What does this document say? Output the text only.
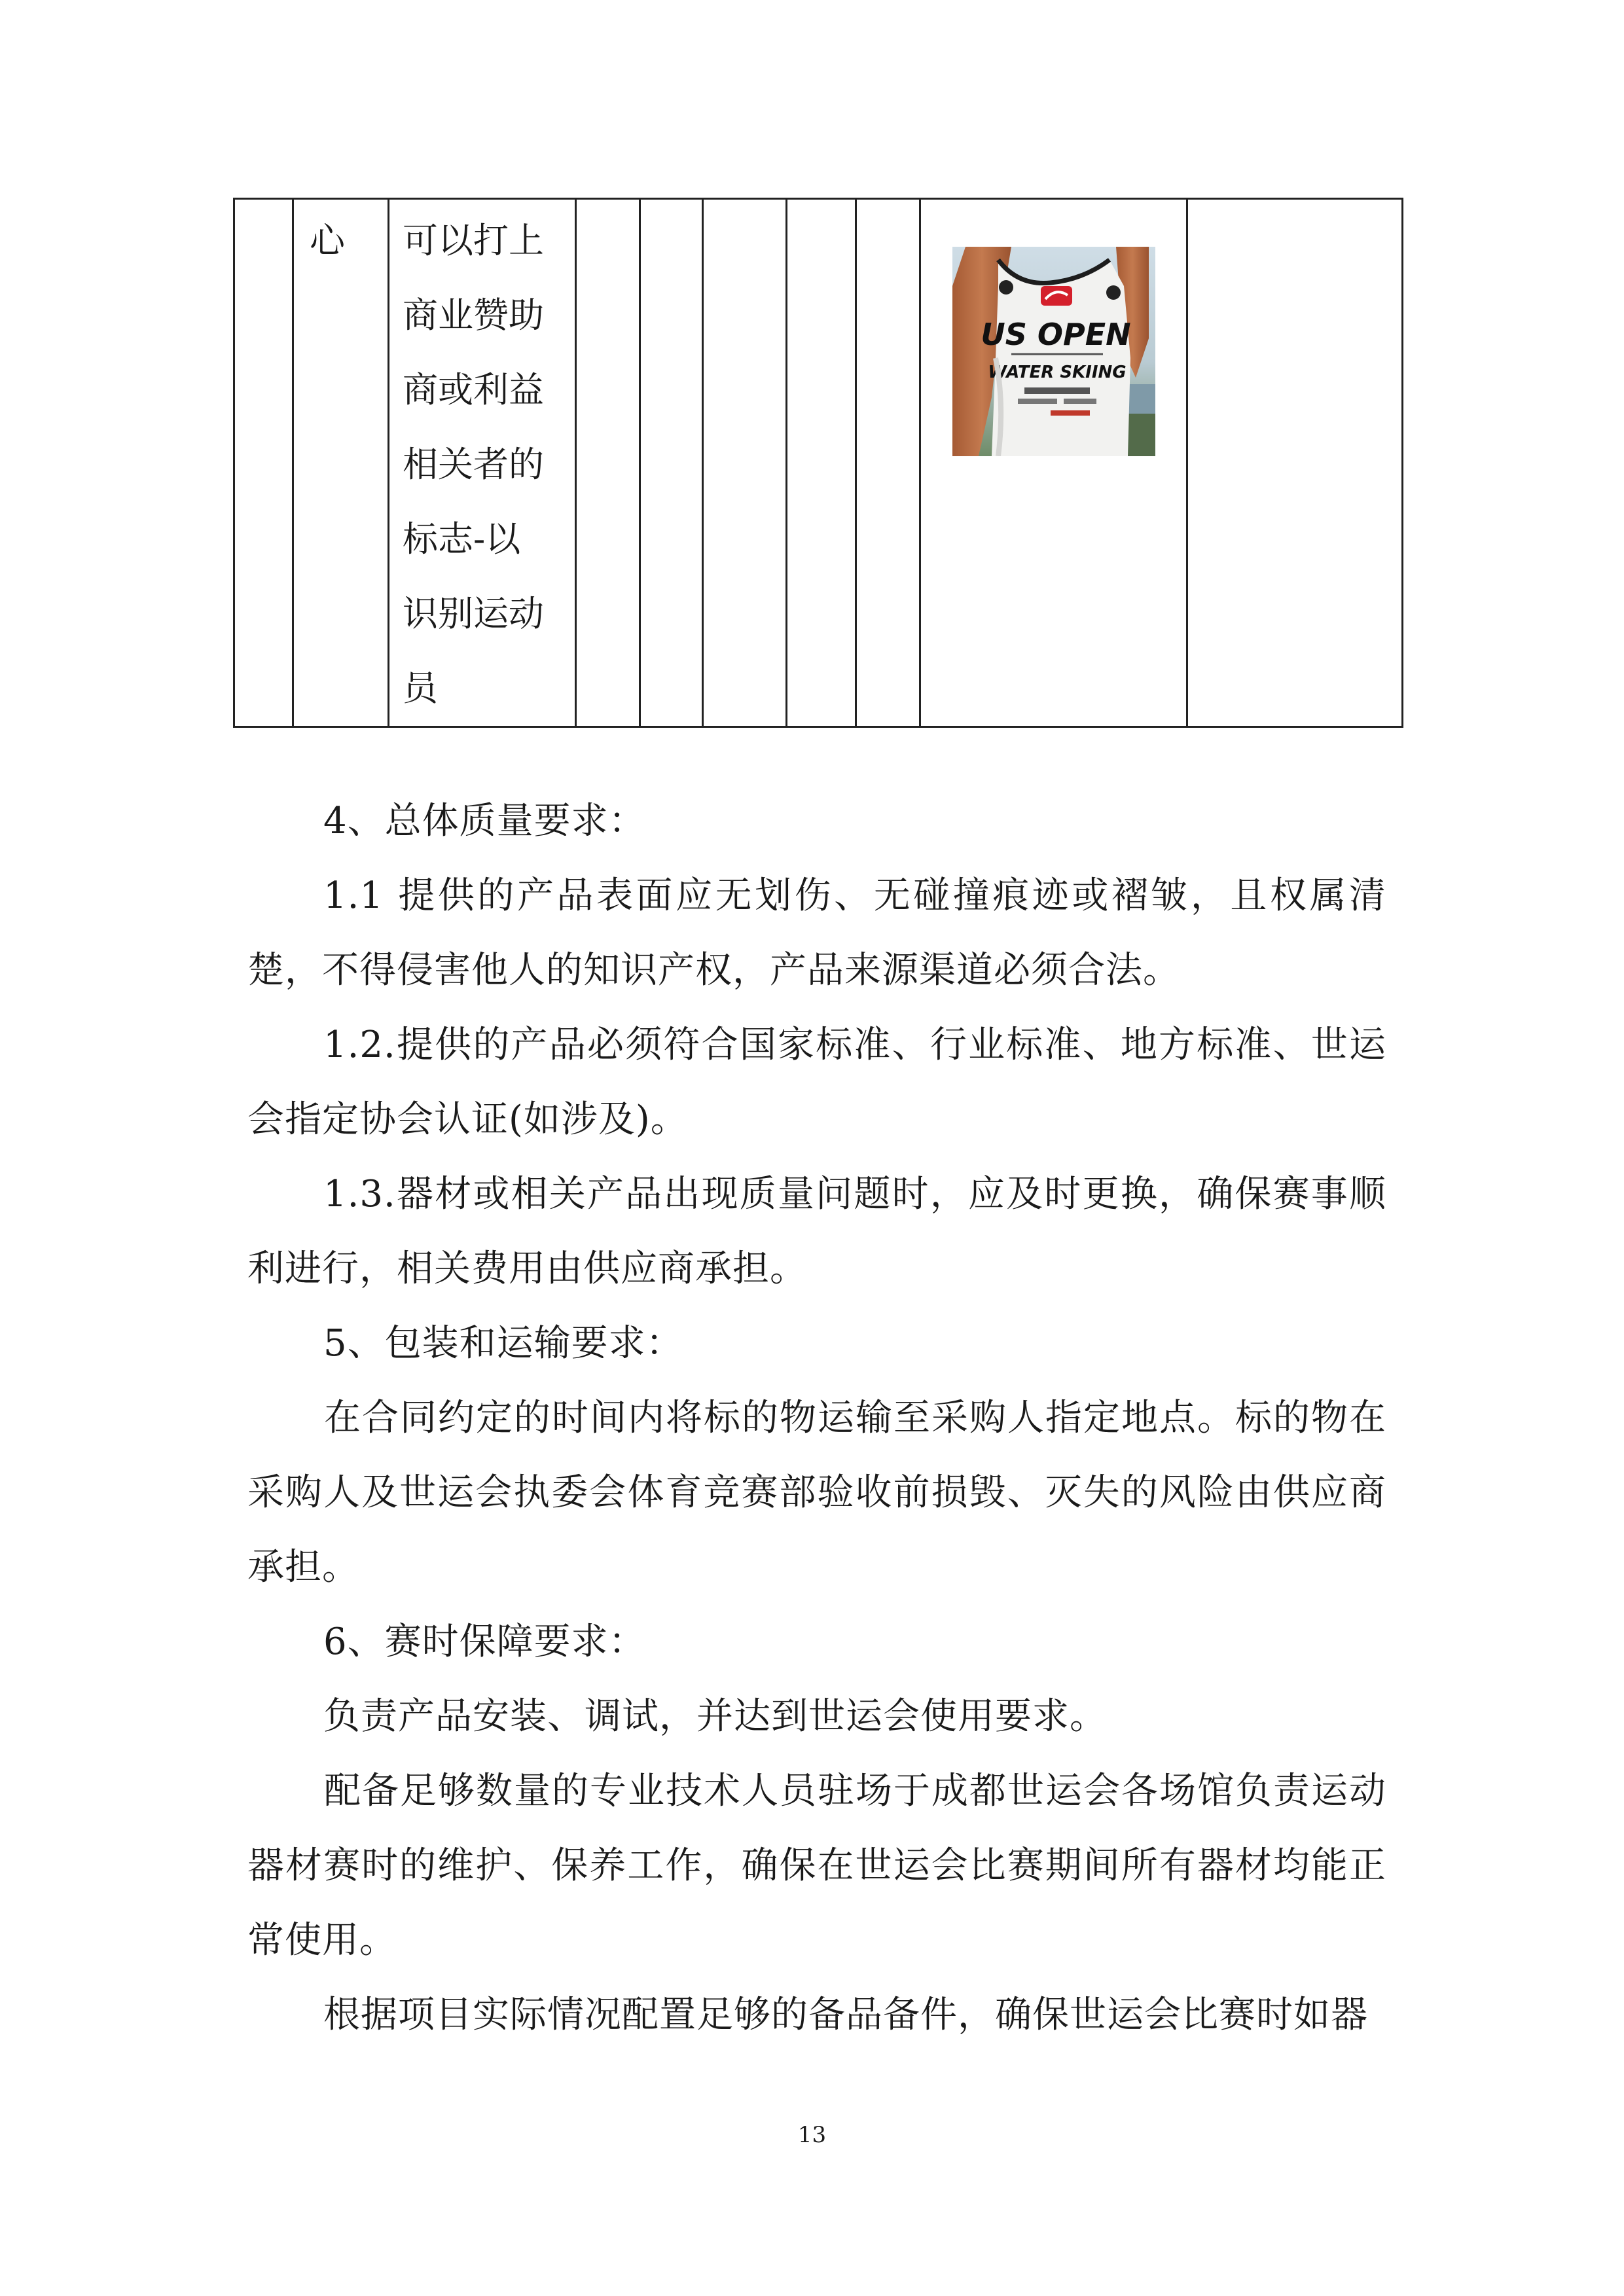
心	可以打上
商业赞助
商或利益
相关者的
标志-以
识别运动
员

US OPEN
WATER SKIING

4、总体质量要求：

1.1 提供的产品表面应无划伤、无碰撞痕迹或褶皱，且权属清楚，不得侵害他人的知识产权，产品来源渠道必须合法。

1.2.提供的产品必须符合国家标准、行业标准、地方标准、世运会指定协会认证(如涉及)。

1.3.器材或相关产品出现质量问题时，应及时更换，确保赛事顺利进行，相关费用由供应商承担。

5、包装和运输要求：

在合同约定的时间内将标的物运输至采购人指定地点。标的物在采购人及世运会执委会体育竞赛部验收前损毁、灭失的风险由供应商承担。

6、赛时保障要求：

负责产品安装、调试，并达到世运会使用要求。

配备足够数量的专业技术人员驻场于成都世运会各场馆负责运动器材赛时的维护、保养工作，确保在世运会比赛期间所有器材均能正常使用。

根据项目实际情况配置足够的备品备件，确保世运会比赛时如器

13
